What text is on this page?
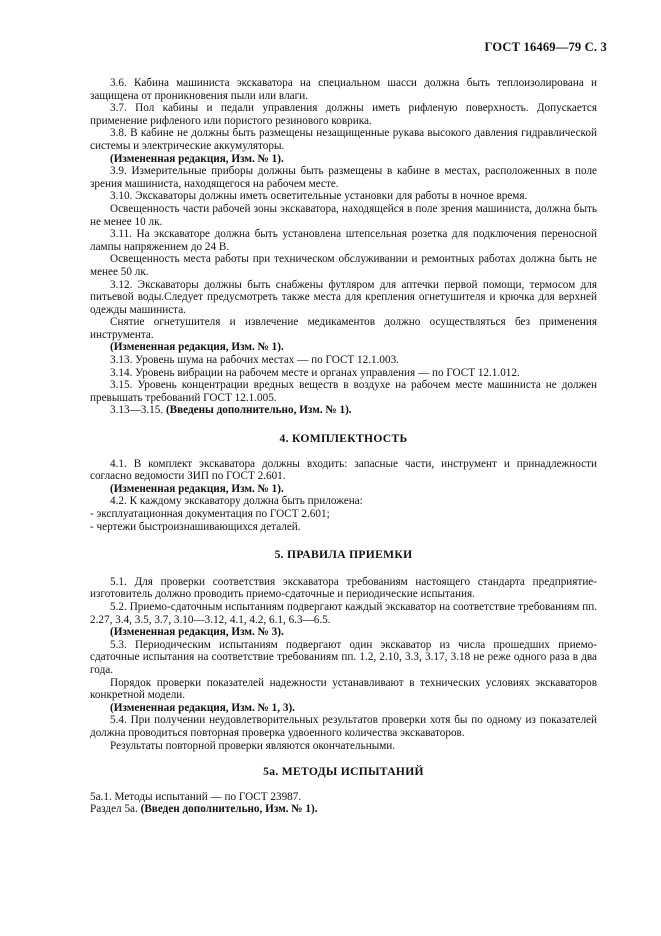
ГОСТ 16469—79 С. 3

3.6. Кабина машиниста экскаватора на специальном шасси должна быть теплоизолирована и защищена от проникновения пыли или влаги.

3.7. Пол кабины и педали управления должны иметь рифленую поверхность. Допускается применение рифленого или пористого резинового коврика.

3.8. В кабине не должны быть размещены незащищенные рукава высокого давления гидравлической системы и электрические аккумуляторы.

(Измененная редакция, Изм. № 1).

3.9. Измерительные приборы должны быть размещены в кабине в местах, расположенных в поле зрения машиниста, находящегося на рабочем месте.

3.10. Экскаваторы должны иметь осветительные установки для работы в ночное время.

Освещенность части рабочей зоны экскаватора, находящейся в поле зрения машиниста, должна быть не менее 10 лк.

3.11. На экскаваторе должна быть установлена штепсельная розетка для подключения переносной лампы напряжением до 24 В.

Освещенность места работы при техническом обслуживании и ремонтных работах должна быть не менее 50 лк.

3.12. Экскаваторы должны быть снабжены футляром для аптечки первой помощи, термосом для питьевой воды.Следует предусмотреть также места для крепления огнетушителя и крючка для верхней одежды машиниста.

Снятие огнетушителя и извлечение медикаментов должно осуществляться без применения инструмента.

(Измененная редакция, Изм. № 1).

3.13. Уровень шума на рабочих местах — по ГОСТ 12.1.003.

3.14. Уровень вибрации на рабочем месте и органах управления — по ГОСТ 12.1.012.

3.15. Уровень концентрации вредных веществ в воздухе на рабочем месте машиниста не должен превышать требований ГОСТ 12.1.005.

3.13—3.15. (Введены дополнительно, Изм. № 1).

4. КОМПЛЕКТНОСТЬ

4.1. В комплект экскаватора должны входить: запасные части, инструмент и принадлежности согласно ведомости ЗИП по ГОСТ 2.601.

(Измененная редакция, Изм. № 1).

4.2. К каждому экскаватору должна быть приложена:

- эксплуатационная документация по ГОСТ 2.601;

- чертежи быстроизнашивающихся деталей.

5. ПРАВИЛА ПРИЕМКИ

5.1. Для проверки соответствия экскаватора требованиям настоящего стандарта предприятие-изготовитель должно проводить приемо-сдаточные и периодические испытания.

5.2. Приемо-сдаточным испытаниям подвергают каждый экскаватор на соответствие требованиям пп. 2.27, 3.4, 3.5, 3.7, 3.10—3.12, 4.1, 4.2, 6.1, 6.3—6.5.

(Измененная редакция, Изм. № 3).

5.3. Периодическим испытаниям подвергают один экскаватор из числа прошедших приемо-сдаточные испытания на соответствие требованиям пп. 1.2, 2.10, 3.3, 3.17, 3.18 не реже одного раза в два года.

Порядок проверки показателей надежности устанавливают в технических условиях экскаваторов конкретной модели.

(Измененная редакция, Изм. № 1, 3).

5.4. При получении неудовлетворительных результатов проверки хотя бы по одному из показателей должна проводиться повторная проверка удвоенного количества экскаваторов.

Результаты повторной проверки являются окончательными.

5а. МЕТОДЫ ИСПЫТАНИЙ

5а.1. Методы испытаний — по ГОСТ 23987.

Раздел 5а. (Введен дополнительно, Изм. № 1).
